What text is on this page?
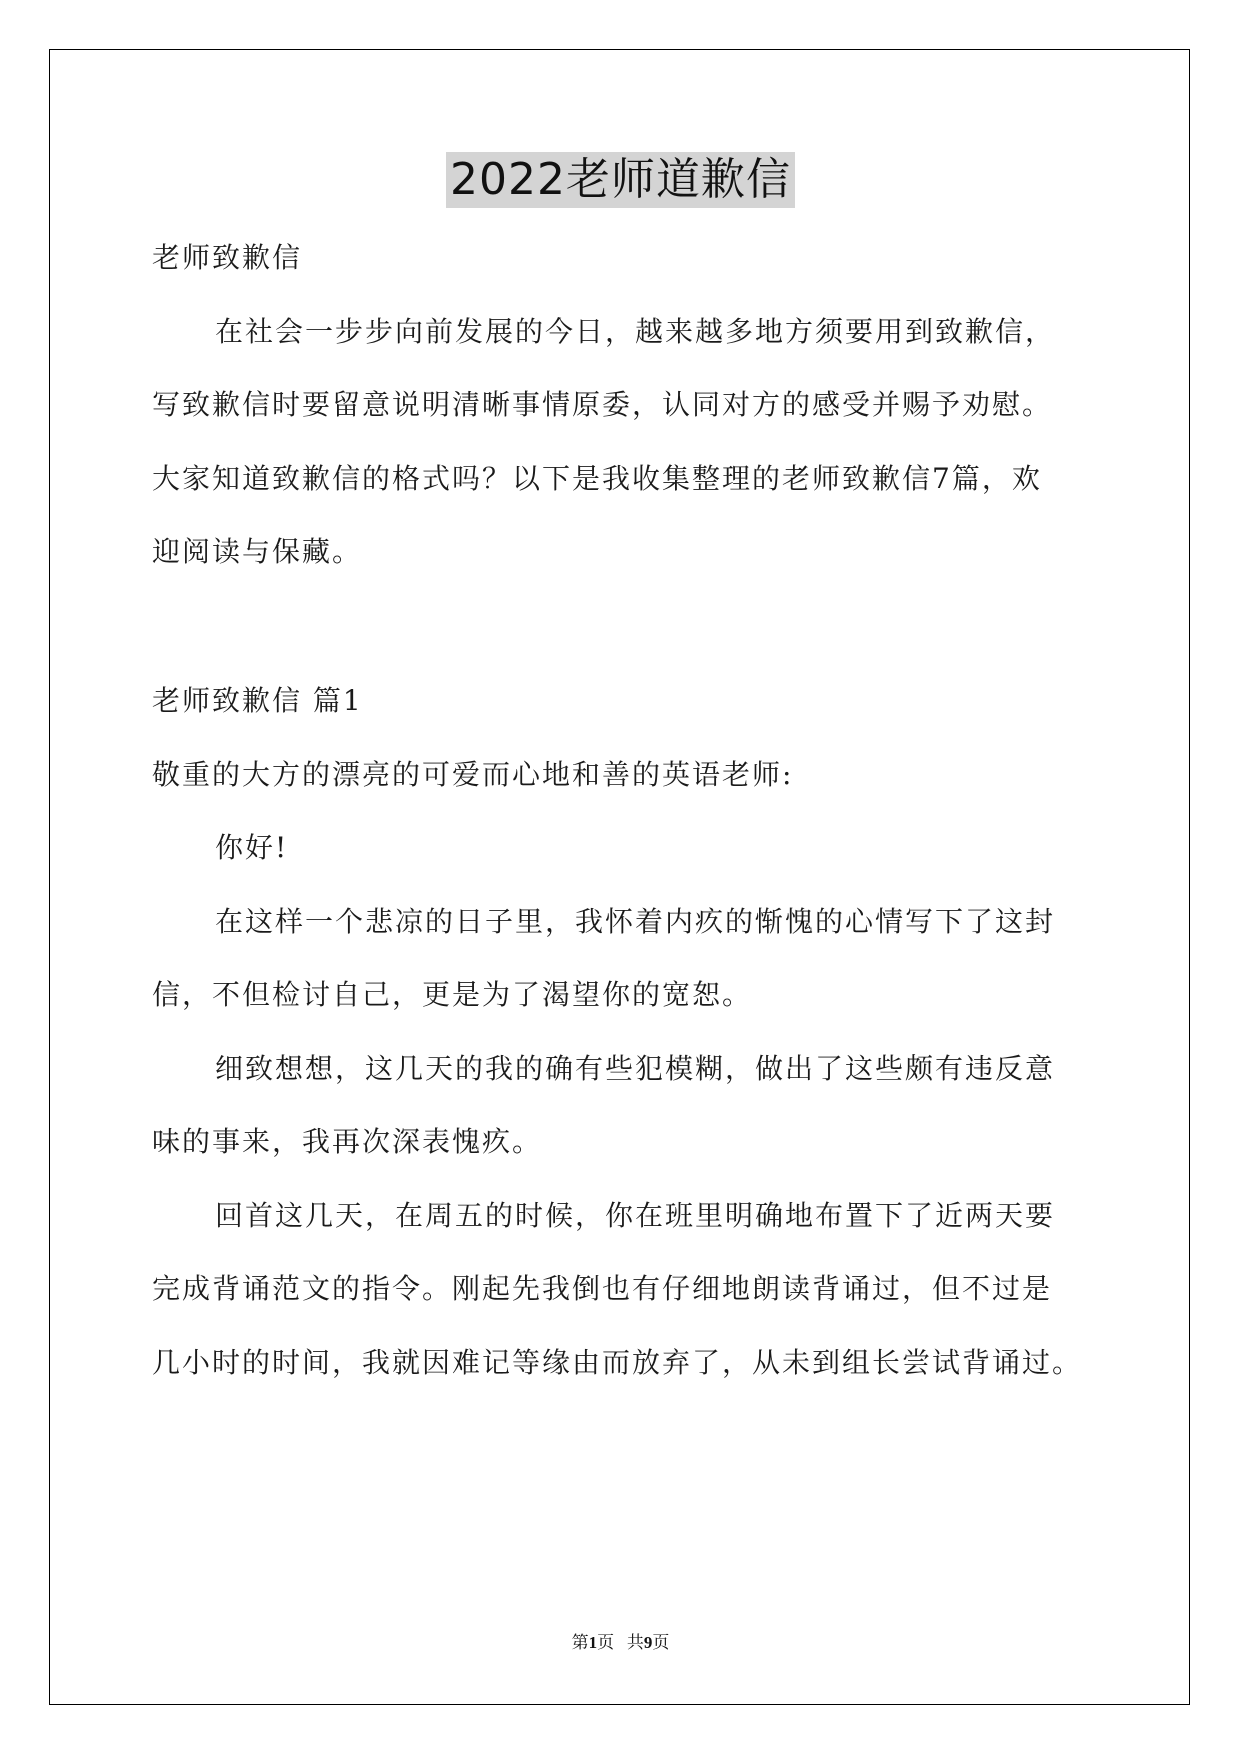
2022老师道歉信
老师致歉信
在社会一步步向前发展的今日，越来越多地方须要用到致歉信，
写致歉信时要留意说明清晰事情原委，认同对方的感受并赐予劝慰。
大家知道致歉信的格式吗？以下是我收集整理的老师致歉信7篇，欢
迎阅读与保藏。
老师致歉信 篇1
敬重的大方的漂亮的可爱而心地和善的英语老师:
你好!
在这样一个悲凉的日子里，我怀着内疚的惭愧的心情写下了这封
信，不但检讨自己，更是为了渴望你的宽恕。
细致想想，这几天的我的确有些犯模糊，做出了这些颇有违反意
味的事来，我再次深表愧疚。
回首这几天，在周五的时候，你在班里明确地布置下了近两天要
完成背诵范文的指令。刚起先我倒也有仔细地朗读背诵过，但不过是
几小时的时间，我就因难记等缘由而放弃了，从未到组长尝试背诵过。
第1页 共9页
